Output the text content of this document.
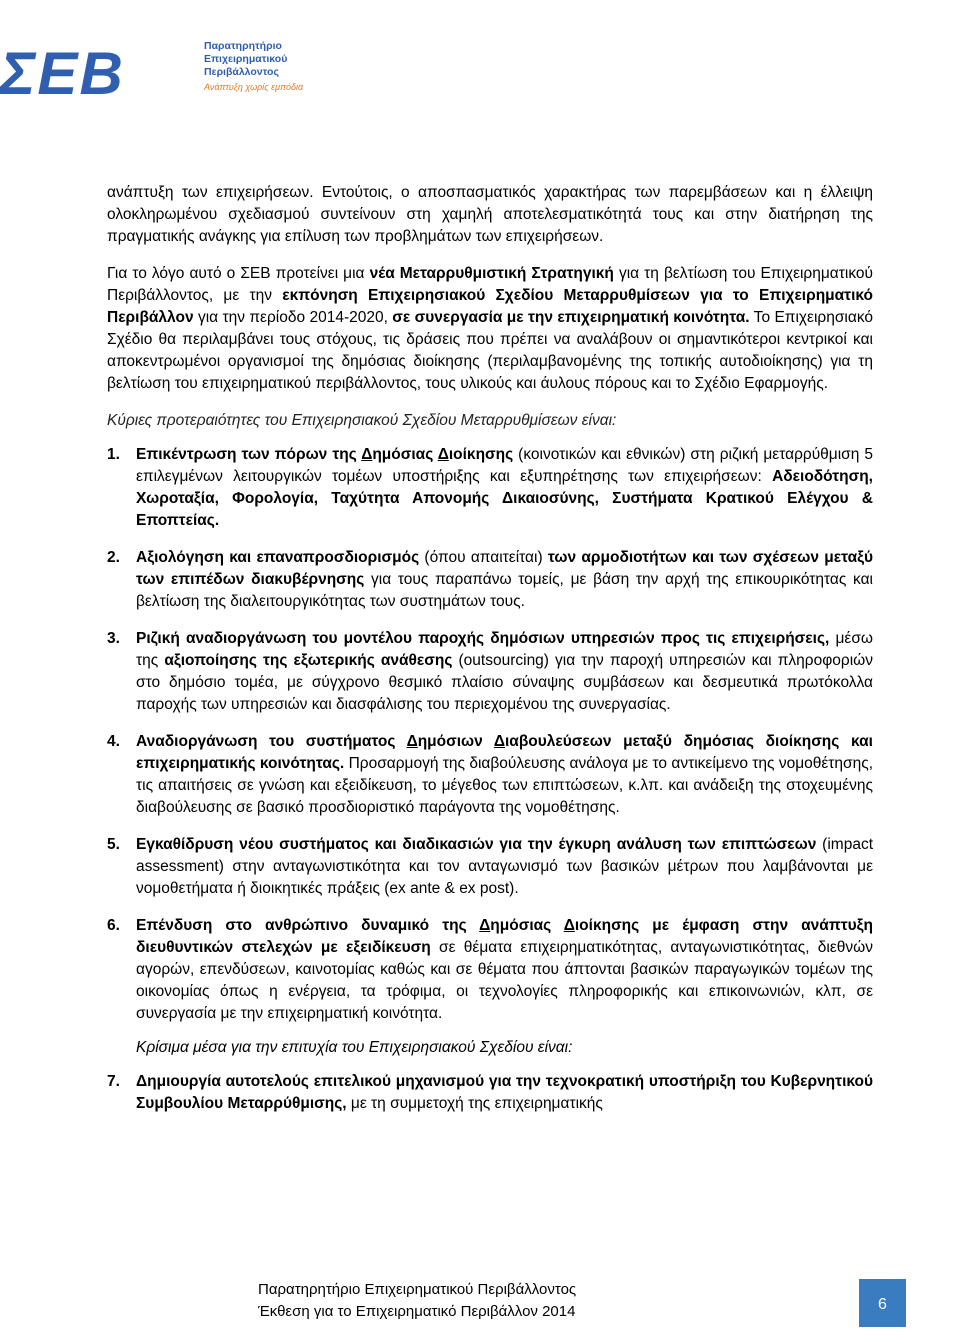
ΣΕΒ	Παρατηρητήριο
Επιχειρηματικού
Περιβάλλοντος
Ανάπτυξη χωρίς εμπόδια

ανάπτυξη των επιχειρήσεων. Εντούτοις, ο αποσπασματικός χαρακτήρας των παρεμβάσεων και η έλλειψη ολοκληρωμένου σχεδιασμού συντείνουν στη χαμηλή αποτελεσματικότητά τους και στην διατήρηση της πραγματικής ανάγκης για επίλυση των προβλημάτων των επιχειρήσεων.

Για το λόγο αυτό ο ΣΕΒ προτείνει μια νέα Μεταρρυθμιστική Στρατηγική για τη βελτίωση του Επιχειρηματικού Περιβάλλοντος, με την εκπόνηση Επιχειρησιακού Σχεδίου Μεταρρυθμίσεων για το Επιχειρηματικό Περιβάλλον για την περίοδο 2014-2020, σε συνεργασία με την επιχειρηματική κοινότητα. Το Επιχειρησιακό Σχέδιο θα περιλαμβάνει τους στόχους, τις δράσεις που πρέπει να αναλάβουν οι σημαντικότεροι κεντρικοί και αποκεντρωμένοι οργανισμοί της δημόσιας διοίκησης (περιλαμβανομένης της τοπικής αυτοδιοίκησης) για τη βελτίωση του επιχειρηματικού περιβάλλοντος, τους υλικούς και άυλους πόρους και το Σχέδιο Εφαρμογής.

Κύριες προτεραιότητες του Επιχειρησιακού Σχεδίου Μεταρρυθμίσεων είναι:

1. Επικέντρωση των πόρων της Δημόσιας Διοίκησης (κοινοτικών και εθνικών) στη ριζική μεταρρύθμιση 5 επιλεγμένων λειτουργικών τομέων υποστήριξης και εξυπηρέτησης των επιχειρήσεων: Αδειοδότηση, Χωροταξία, Φορολογία, Ταχύτητα Απονομής Δικαιοσύνης, Συστήματα Κρατικού Ελέγχου & Εποπτείας.
2. Αξιολόγηση και επαναπροσδιορισμός (όπου απαιτείται) των αρμοδιοτήτων και των σχέσεων μεταξύ των επιπέδων διακυβέρνησης για τους παραπάνω τομείς, με βάση την αρχή της επικουρικότητας και βελτίωση της διαλειτουργικότητας των συστημάτων τους.
3. Ριζική αναδιοργάνωση του μοντέλου παροχής δημόσιων υπηρεσιών προς τις επιχειρήσεις, μέσω της αξιοποίησης της εξωτερικής ανάθεσης (outsourcing) για την παροχή υπηρεσιών και πληροφοριών στο δημόσιο τομέα, με σύγχρονο θεσμικό πλαίσιο σύναψης συμβάσεων και δεσμευτικά πρωτόκολλα παροχής των υπηρεσιών και διασφάλισης του περιεχομένου της συνεργασίας.
4. Αναδιοργάνωση του συστήματος Δημόσιων Διαβουλεύσεων μεταξύ δημόσιας διοίκησης και επιχειρηματικής κοινότητας. Προσαρμογή της διαβούλευσης ανάλογα με το αντικείμενο της νομοθέτησης, τις απαιτήσεις σε γνώση και εξειδίκευση, το μέγεθος των επιπτώσεων, κ.λπ. και ανάδειξη της στοχευμένης διαβούλευσης σε βασικό προσδιοριστικό παράγοντα της νομοθέτησης.
5. Εγκαθίδρυση νέου συστήματος και διαδικασιών για την έγκυρη ανάλυση των επιπτώσεων (impact assessment) στην ανταγωνιστικότητα και τον ανταγωνισμό των βασικών μέτρων που λαμβάνονται με νομοθετήματα ή διοικητικές πράξεις (ex ante & ex post).
6. Επένδυση στο ανθρώπινο δυναμικό της Δημόσιας Διοίκησης με έμφαση στην ανάπτυξη διευθυντικών στελεχών με εξειδίκευση σε θέματα επιχειρηματικότητας, ανταγωνιστικότητας, διεθνών αγορών, επενδύσεων, καινοτομίας καθώς και σε θέματα που άπτονται βασικών παραγωγικών τομέων της οικονομίας όπως η ενέργεια, τα τρόφιμα, οι τεχνολογίες πληροφορικής και επικοινωνιών, κλπ, σε συνεργασία με την επιχειρηματική κοινότητα.

Κρίσιμα μέσα για την επιτυχία του Επιχειρησιακού Σχεδίου είναι:

7. Δημιουργία αυτοτελούς επιτελικού μηχανισμού για την τεχνοκρατική υποστήριξη του Κυβερνητικού Συμβουλίου Μεταρρύθμισης, με τη συμμετοχή της επιχειρηματικής
Παρατηρητήριο Επιχειρηματικού Περιβάλλοντος
Έκθεση για το Επιχειρηματικό Περιβάλλον 2014	6
